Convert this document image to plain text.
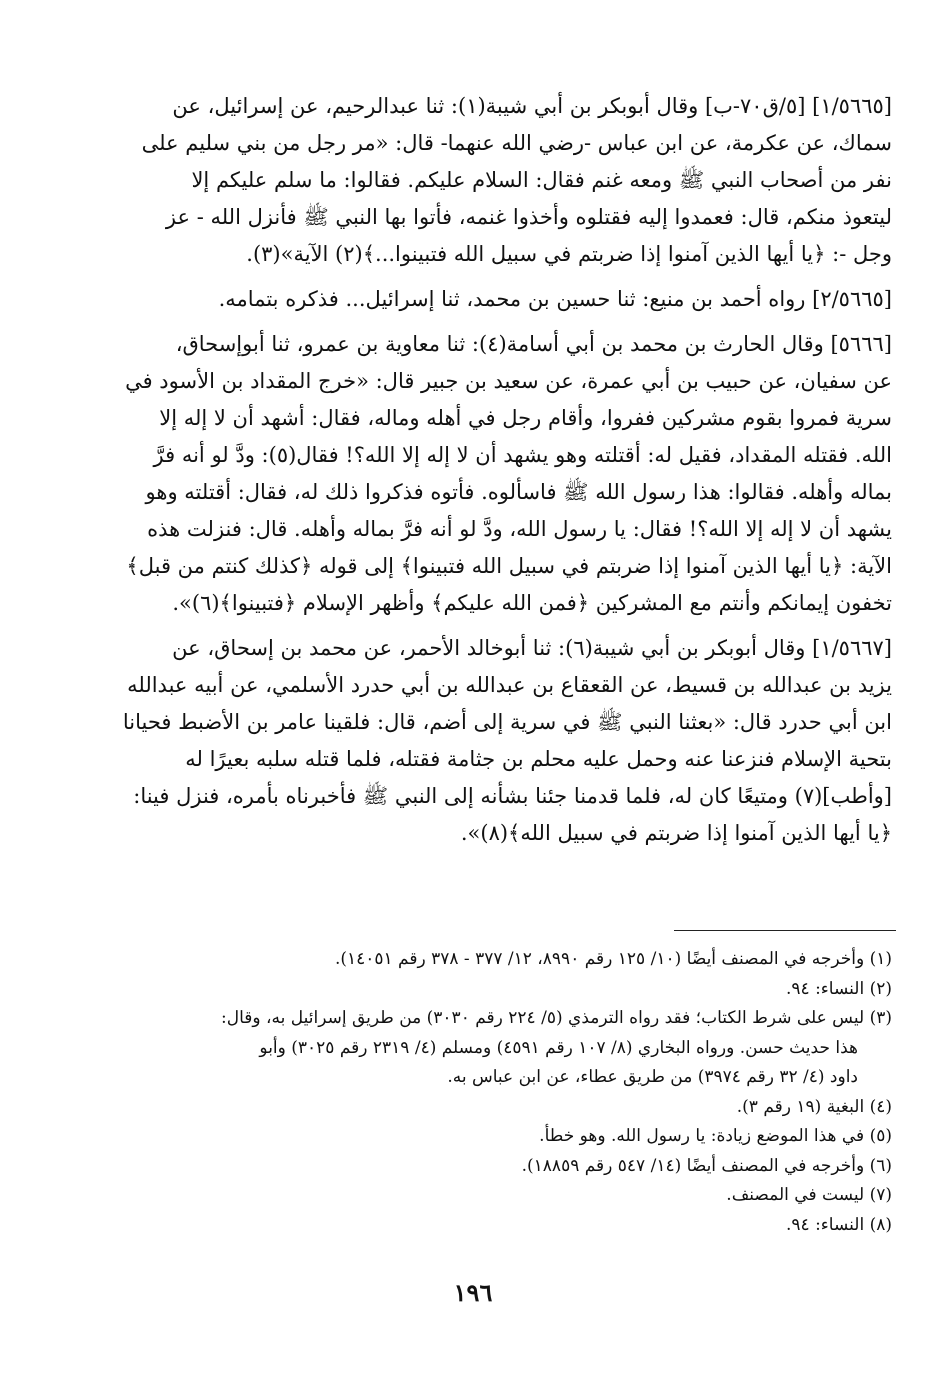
[١/٥٦٦٥] [٥/ق٧٠-ب] وقال أبوبكر بن أبي شيبة(١): ثنا عبدالرحيم، عن إسرائيل، عن
سماك، عن عكرمة، عن ابن عباس -رضي الله عنهما- قال: «مر رجل من بني سليم على
نفر من أصحاب النبي ﷺ ومعه غنم فقال: السلام عليكم. فقالوا: ما سلم عليكم إلا
ليتعوذ منكم، قال: فعمدوا إليه فقتلوه وأخذوا غنمه، فأتوا بها النبي ﷺ فأنزل الله - عز
وجل -: ﴿يا أيها الذين آمنوا إذا ضربتم في سبيل الله فتبينوا...﴾(٢) الآية»(٣).
[٢/٥٦٦٥] رواه أحمد بن منيع: ثنا حسين بن محمد، ثنا إسرائيل... فذكره بتمامه.
[٥٦٦٦] وقال الحارث بن محمد بن أبي أسامة(٤): ثنا معاوية بن عمرو، ثنا أبوإسحاق،
عن سفيان، عن حبيب بن أبي عمرة، عن سعيد بن جبير قال: «خرج المقداد بن الأسود في
سرية فمروا بقوم مشركين ففروا، وأقام رجل في أهله وماله، فقال: أشهد أن لا إله إلا
الله. فقتله المقداد، فقيل له: أقتلته وهو يشهد أن لا إله إلا الله؟! فقال(٥): ودَّ لو أنه فرَّ
بماله وأهله. فقالوا: هذا رسول الله ﷺ فاسألوه. فأتوه فذكروا ذلك له، فقال: أقتلته وهو
يشهد أن لا إله إلا الله؟! فقال: يا رسول الله، ودَّ لو أنه فرَّ بماله وأهله. قال: فنزلت هذه
الآية: ﴿يا أيها الذين آمنوا إذا ضربتم في سبيل الله فتبينوا﴾ إلى قوله ﴿كذلك كنتم من قبل﴾
تخفون إيمانكم وأنتم مع المشركين ﴿فمن الله عليكم﴾ وأظهر الإسلام ﴿فتبينوا﴾(٦)».
[١/٥٦٦٧] وقال أبوبكر بن أبي شيبة(٦): ثنا أبوخالد الأحمر، عن محمد بن إسحاق، عن
يزيد بن عبدالله بن قسيط، عن القعقاع بن عبدالله بن أبي حدرد الأسلمي، عن أبيه عبدالله
ابن أبي حدرد قال: «بعثنا النبي ﷺ في سرية إلى أضم، قال: فلقينا عامر بن الأضبط فحيانا
بتحية الإسلام فنزعنا عنه وحمل عليه محلم بن جثامة فقتله، فلما قتله سلبه بعيرًا له
[وأطب](٧) ومتيعًا كان له، فلما قدمنا جئنا بشأنه إلى النبي ﷺ فأخبرناه بأمره، فنزل فينا:
﴿يا أيها الذين آمنوا إذا ضربتم في سبيل الله﴾(٨)».
(١) وأخرجه في المصنف أيضًا (١٠/ ١٢٥ رقم ٨٩٩٠، ١٢/ ٣٧٧ - ٣٧٨ رقم ١٤٠٥١).
(٢) النساء: ٩٤.
(٣) ليس على شرط الكتاب؛ فقد رواه الترمذي (٥/ ٢٢٤ رقم ٣٠٣٠) من طريق إسرائيل به، وقال:
هذا حديث حسن. ورواه البخاري (٨/ ١٠٧ رقم ٤٥٩١) ومسلم (٤/ ٢٣١٩ رقم ٣٠٢٥) وأبو
داود (٤/ ٣٢ رقم ٣٩٧٤) من طريق عطاء، عن ابن عباس به.
(٤) البغية (١٩ رقم ٣).
(٥) في هذا الموضع زيادة: يا رسول الله. وهو خطأ.
(٦) وأخرجه في المصنف أيضًا (١٤/ ٥٤٧ رقم ١٨٨٥٩).
(٧) ليست في المصنف.
(٨) النساء: ٩٤.
١٩٦
